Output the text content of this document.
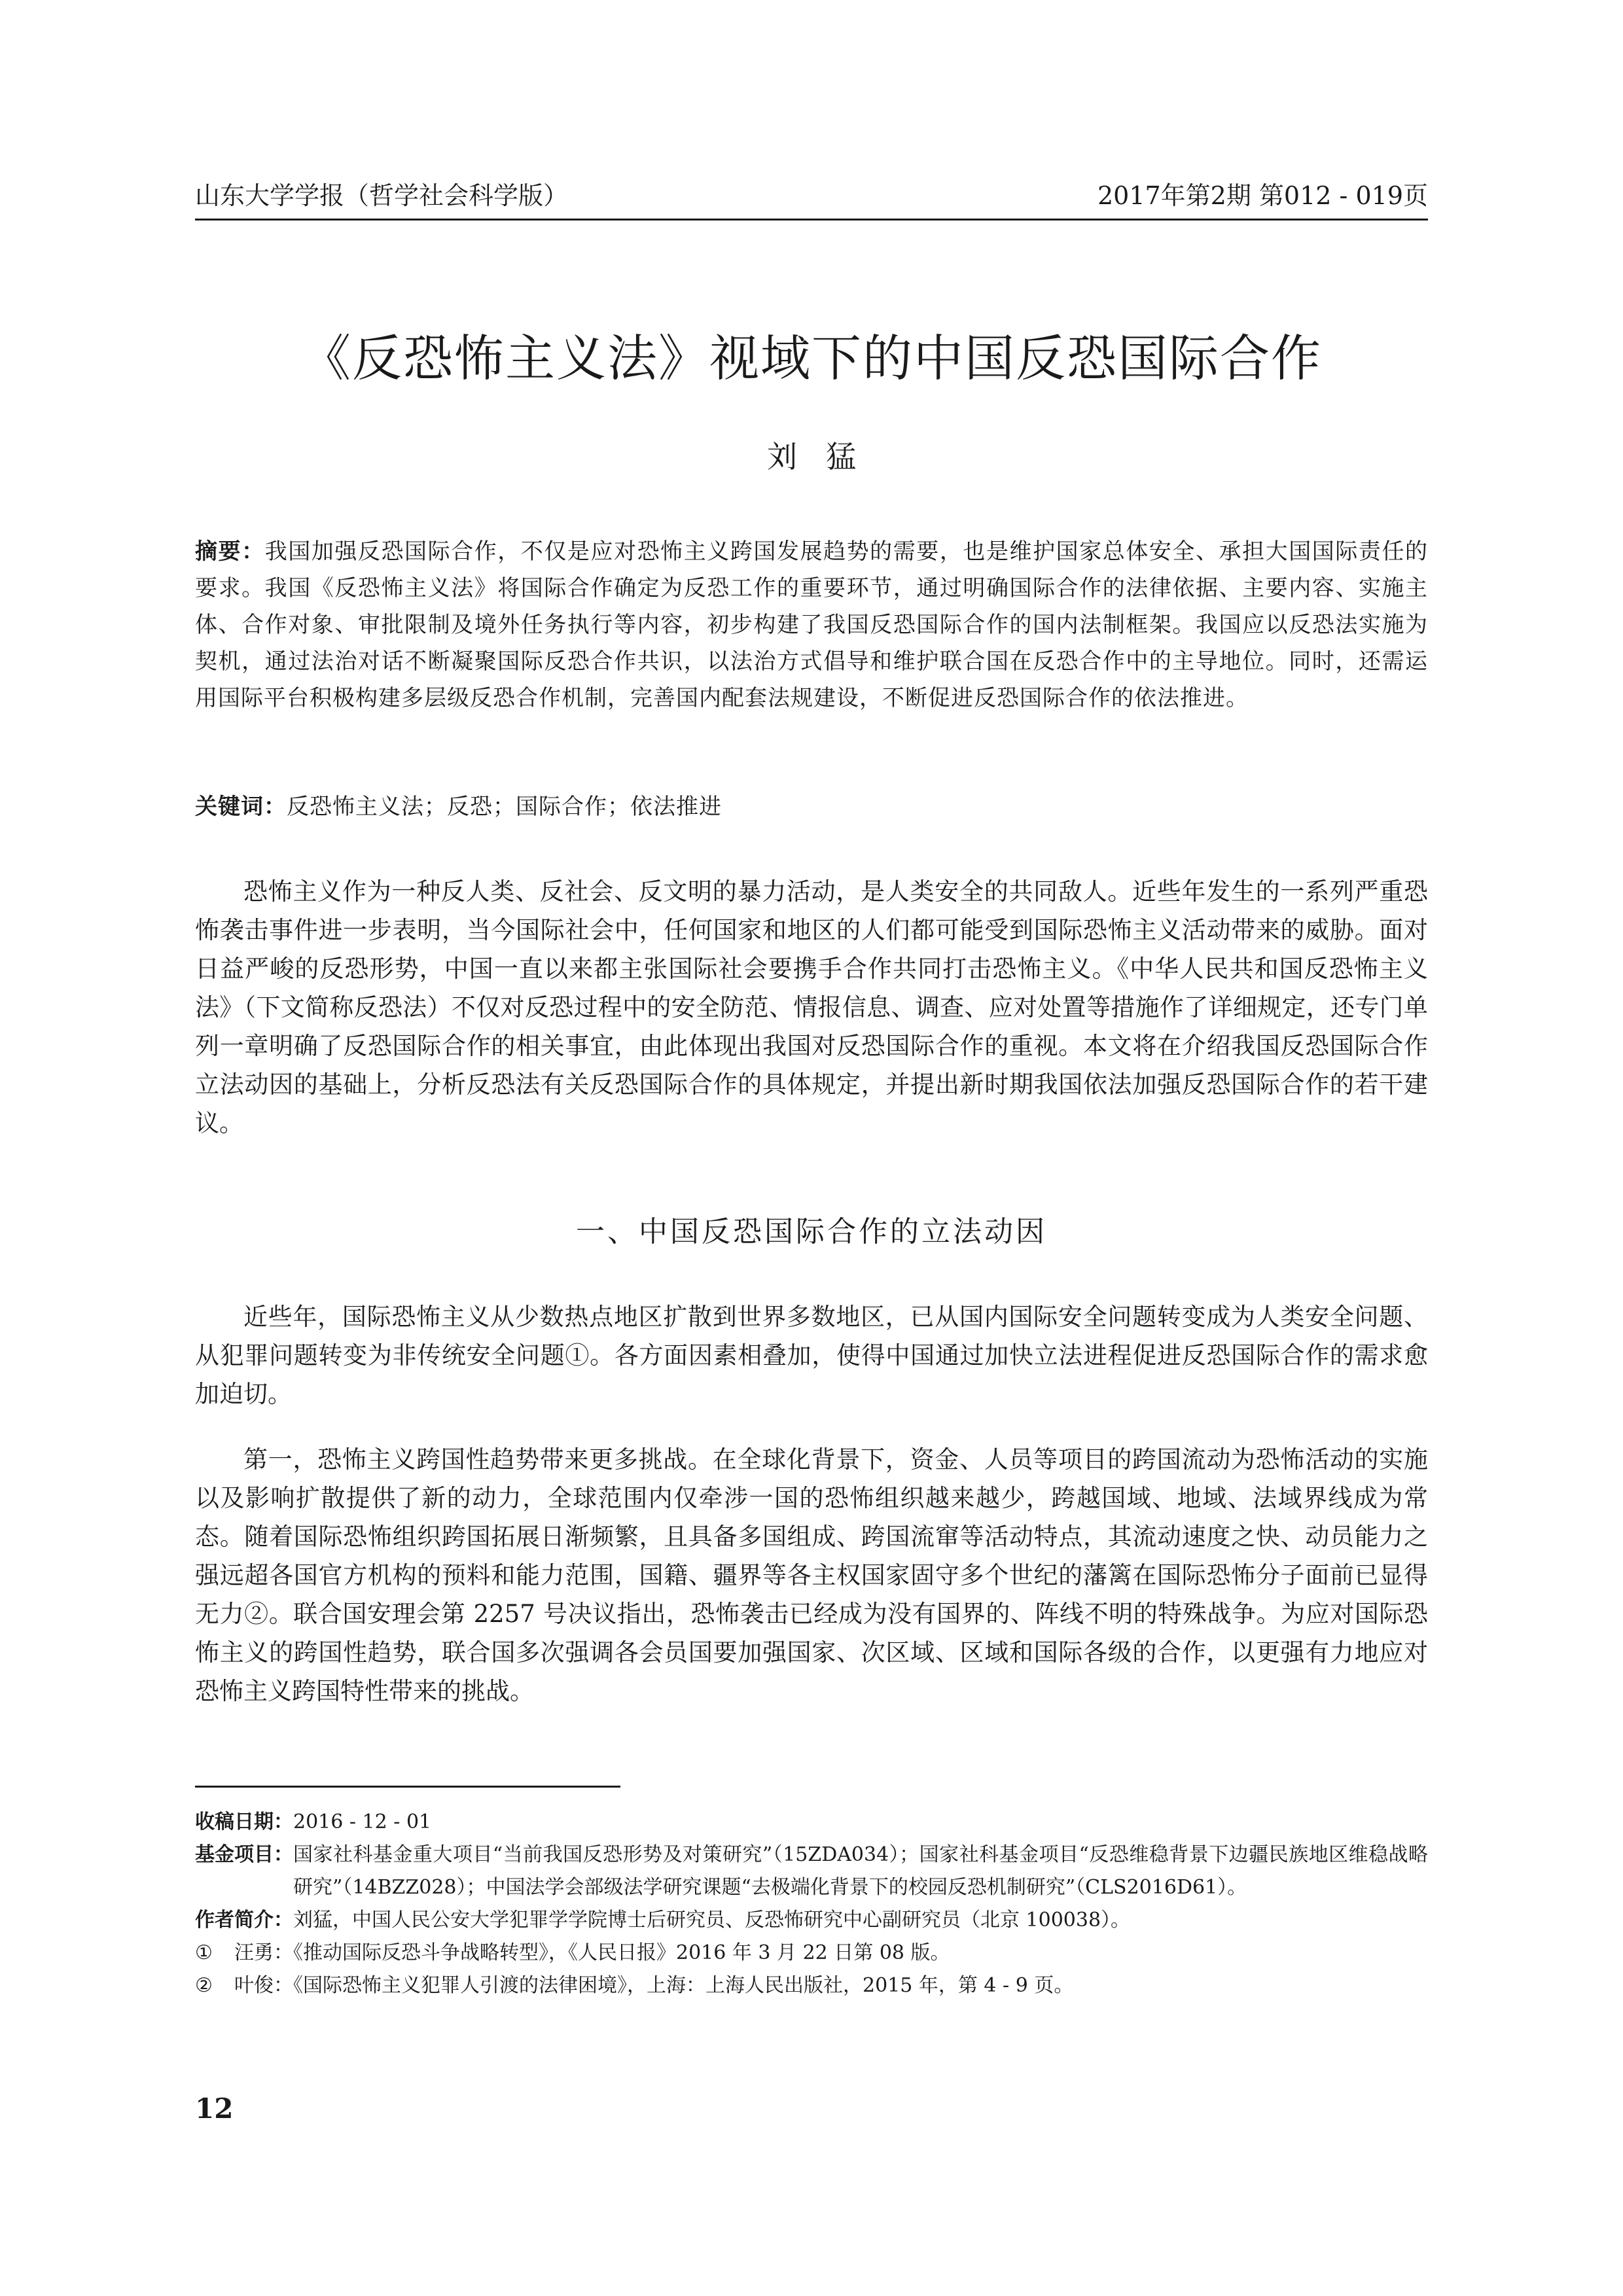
山东大学学报（哲学社会科学版）	2017年第2期 第012 - 019页
《反恐怖主义法》视域下的中国反恐国际合作
刘猛
摘要：我国加强反恐国际合作，不仅是应对恐怖主义跨国发展趋势的需要，也是维护国家总体安全、承担大国国际责任的要求。我国《反恐怖主义法》将国际合作确定为反恐工作的重要环节，通过明确国际合作的法律依据、主要内容、实施主体、合作对象、审批限制及境外任务执行等内容，初步构建了我国反恐国际合作的国内法制框架。我国应以反恐法实施为契机，通过法治对话不断凝聚国际反恐合作共识，以法治方式倡导和维护联合国在反恐合作中的主导地位。同时，还需运用国际平台积极构建多层级反恐合作机制，完善国内配套法规建设，不断促进反恐国际合作的依法推进。
关键词：反恐怖主义法；反恐；国际合作；依法推进

恐怖主义作为一种反人类、反社会、反文明的暴力活动，是人类安全的共同敌人。近些年发生的一系列严重恐怖袭击事件进一步表明，当今国际社会中，任何国家和地区的人们都可能受到国际恐怖主义活动带来的威胁。面对日益严峻的反恐形势，中国一直以来都主张国际社会要携手合作共同打击恐怖主义。《中华人民共和国反恐怖主义法》（下文简称反恐法）不仅对反恐过程中的安全防范、情报信息、调查、应对处置等措施作了详细规定，还专门单列一章明确了反恐国际合作的相关事宜，由此体现出我国对反恐国际合作的重视。本文将在介绍我国反恐国际合作立法动因的基础上，分析反恐法有关反恐国际合作的具体规定，并提出新时期我国依法加强反恐国际合作的若干建议。

一、中国反恐国际合作的立法动因

近些年，国际恐怖主义从少数热点地区扩散到世界多数地区，已从国内国际安全问题转变成为人类安全问题、从犯罪问题转变为非传统安全问题①。各方面因素相叠加，使得中国通过加快立法进程促进反恐国际合作的需求愈加迫切。

第一，恐怖主义跨国性趋势带来更多挑战。在全球化背景下，资金、人员等项目的跨国流动为恐怖活动的实施以及影响扩散提供了新的动力，全球范围内仅牵涉一国的恐怖组织越来越少，跨越国域、地域、法域界线成为常态。随着国际恐怖组织跨国拓展日渐频繁，且具备多国组成、跨国流窜等活动特点，其流动速度之快、动员能力之强远超各国官方机构的预料和能力范围，国籍、疆界等各主权国家固守多个世纪的藩篱在国际恐怖分子面前已显得无力②。联合国安理会第 2257 号决议指出，恐怖袭击已经成为没有国界的、阵线不明的特殊战争。为应对国际恐怖主义的跨国性趋势，联合国多次强调各会员国要加强国家、次区域、区域和国际各级的合作，以更强有力地应对恐怖主义跨国特性带来的挑战。

收稿日期： 2016 - 12 - 01
基金项目： 国家社科基金重大项目“当前我国反恐形势及对策研究”（15ZDA034）；国家社科基金项目“反恐维稳背景下边疆民族地区维稳战略研究”（14BZZ028）；中国法学会部级法学研究课题“去极端化背景下的校园反恐机制研究”（CLS2016D61）。
作者简介： 刘猛，中国人民公安大学犯罪学学院博士后研究员、反恐怖研究中心副研究员（北京 100038）。
①	汪勇：《推动国际反恐斗争战略转型》，《人民日报》2016 年 3 月 22 日第 08 版。
②	叶俊：《国际恐怖主义犯罪人引渡的法律困境》，上海：上海人民出版社，2015 年，第 4 - 9 页。
12
